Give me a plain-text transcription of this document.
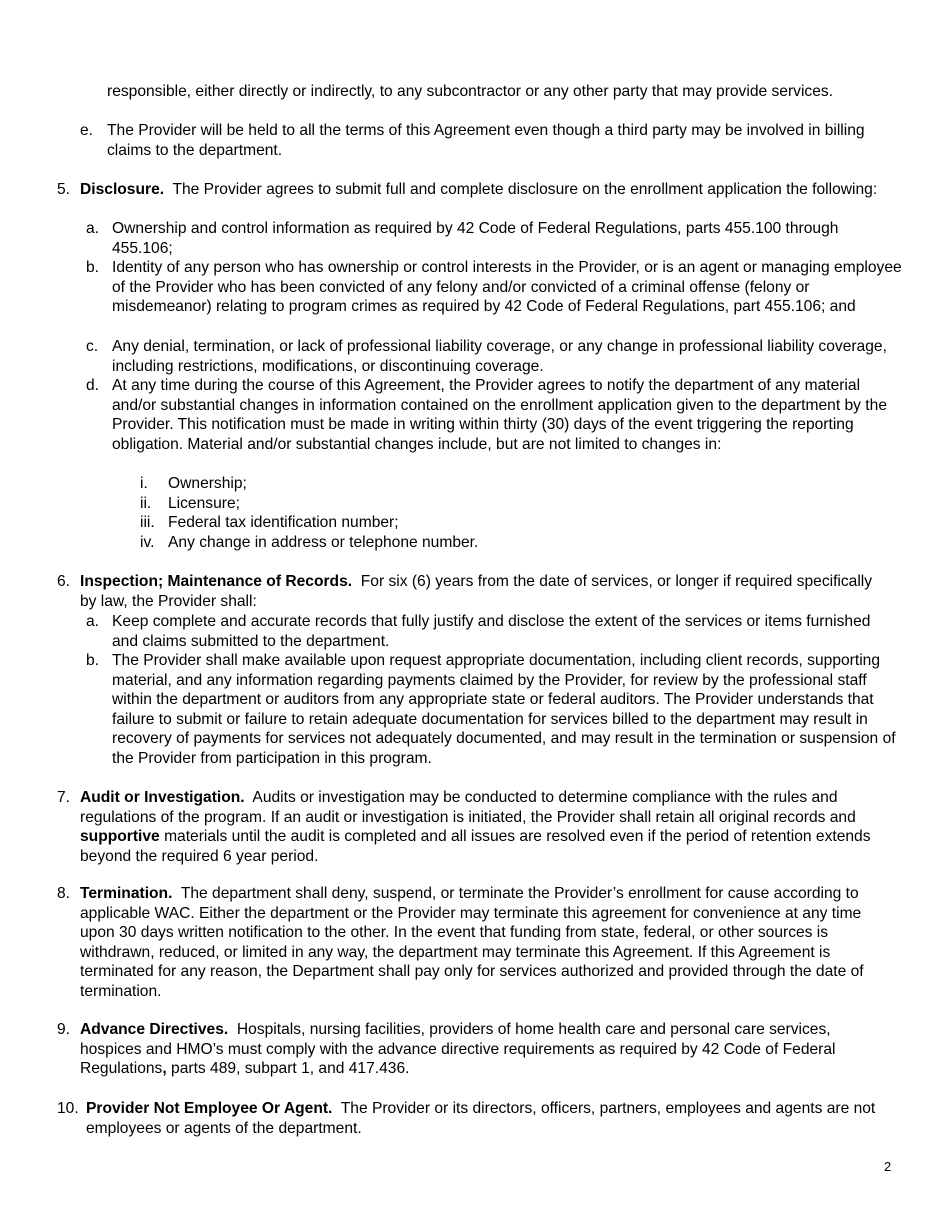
responsible, either directly or indirectly, to any subcontractor or any other party that may provide services.
e. The Provider will be held to all the terms of this Agreement even though a third party may be involved in billing claims to the department.
5. Disclosure. The Provider agrees to submit full and complete disclosure on the enrollment application the following:
a. Ownership and control information as required by 42 Code of Federal Regulations, parts 455.100 through 455.106;
b. Identity of any person who has ownership or control interests in the Provider, or is an agent or managing employee of the Provider who has been convicted of any felony and/or convicted of a criminal offense (felony or misdemeanor) relating to program crimes as required by 42 Code of Federal Regulations, part 455.106; and
c. Any denial, termination, or lack of professional liability coverage, or any change in professional liability coverage, including restrictions, modifications, or discontinuing coverage.
d. At any time during the course of this Agreement, the Provider agrees to notify the department of any material and/or substantial changes in information contained on the enrollment application given to the department by the Provider. This notification must be made in writing within thirty (30) days of the event triggering the reporting obligation. Material and/or substantial changes include, but are not limited to changes in:
i. Ownership;
ii. Licensure;
iii. Federal tax identification number;
iv. Any change in address or telephone number.
6. Inspection; Maintenance of Records. For six (6) years from the date of services, or longer if required specifically by law, the Provider shall:
a. Keep complete and accurate records that fully justify and disclose the extent of the services or items furnished and claims submitted to the department.
b. The Provider shall make available upon request appropriate documentation, including client records, supporting material, and any information regarding payments claimed by the Provider, for review by the professional staff within the department or auditors from any appropriate state or federal auditors. The Provider understands that failure to submit or failure to retain adequate documentation for services billed to the department may result in recovery of payments for services not adequately documented, and may result in the termination or suspension of the Provider from participation in this program.
7. Audit or Investigation. Audits or investigation may be conducted to determine compliance with the rules and regulations of the program. If an audit or investigation is initiated, the Provider shall retain all original records and supportive materials until the audit is completed and all issues are resolved even if the period of retention extends beyond the required 6 year period.
8. Termination. The department shall deny, suspend, or terminate the Provider’s enrollment for cause according to applicable WAC. Either the department or the Provider may terminate this agreement for convenience at any time upon 30 days written notification to the other. In the event that funding from state, federal, or other sources is withdrawn, reduced, or limited in any way, the department may terminate this Agreement. If this Agreement is terminated for any reason, the Department shall pay only for services authorized and provided through the date of termination.
9. Advance Directives. Hospitals, nursing facilities, providers of home health care and personal care services, hospices and HMO’s must comply with the advance directive requirements as required by 42 Code of Federal Regulations, parts 489, subpart 1, and 417.436.
10. Provider Not Employee Or Agent. The Provider or its directors, officers, partners, employees and agents are not employees or agents of the department.
2
